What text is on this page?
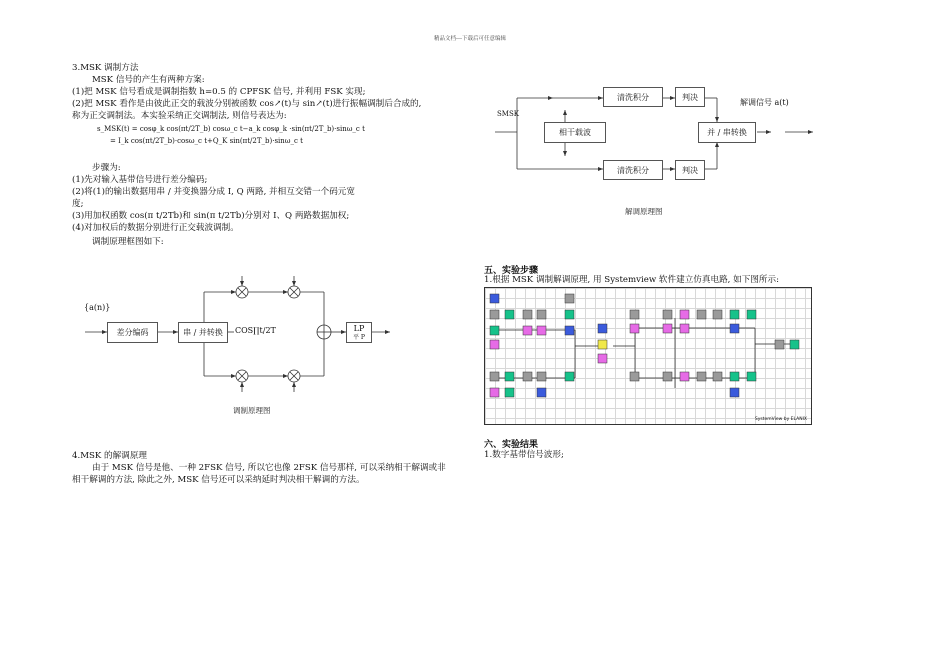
精品文档---下载后可任意编辑
3.MSK 调制方法
MSK 信号的产生有两种方案:
(1)把 MSK 信号看成是调制指数 h=0.5 的 CPFSK 信号, 并利用 FSK 实现;
(2)把 MSK 看作是由彼此正交的载波分别被函数 cos↗(t)与 sin↗(t)进行振幅调制后合成的,
称为正交调制法。本实验采纳正交调制法, 则信号表达为:
s_MSK(t) = cosφ_k cos(πt/2T_b) cosω_c t−a_k cosφ_k ·sin(πt/2T_b)·sinω_c t
= I_k cos(πt/2T_b)·cosω_c t+Q_K sin(πt/2T_b)·sinω_c t
步骤为:
(1)先对输入基带信号进行差分编码;
(2)将(1)的输出数据用串 / 并变换器分成 I, Q 两路, 并相互交错一个码元宽
度;
(3)用加权函数 cos(π t/2Tb)和 sin(π t/2Tb)分别对 I、Q 两路数据加权;
(4)对加权后的数据分别进行正交载波调制。
调制原理框图如下:
{a(n)}
差分编码	串 / 并转换 COS∏t/2T	LP
平 P
调制原理图
4.MSK 的解调原理
由于 MSK 信号是他、一种 2FSK 信号, 所以它也像 2FSK 信号那样, 可以采纳相干解调或非
相干解调的方法, 除此之外, MSK 信号还可以采纳延时判决相干解调的方法。
SMSK
清洗积分	判决
解调信号 a(t)
相干载波	并 / 串转换
清洗积分	判决
解调原理图
五、实验步骤
1.根据 MSK 调制解调原理, 用 Systemview 软件建立仿真电路, 如下图所示:
SystemView by ELANIX
六、实验结果
1.数字基带信号波形;
